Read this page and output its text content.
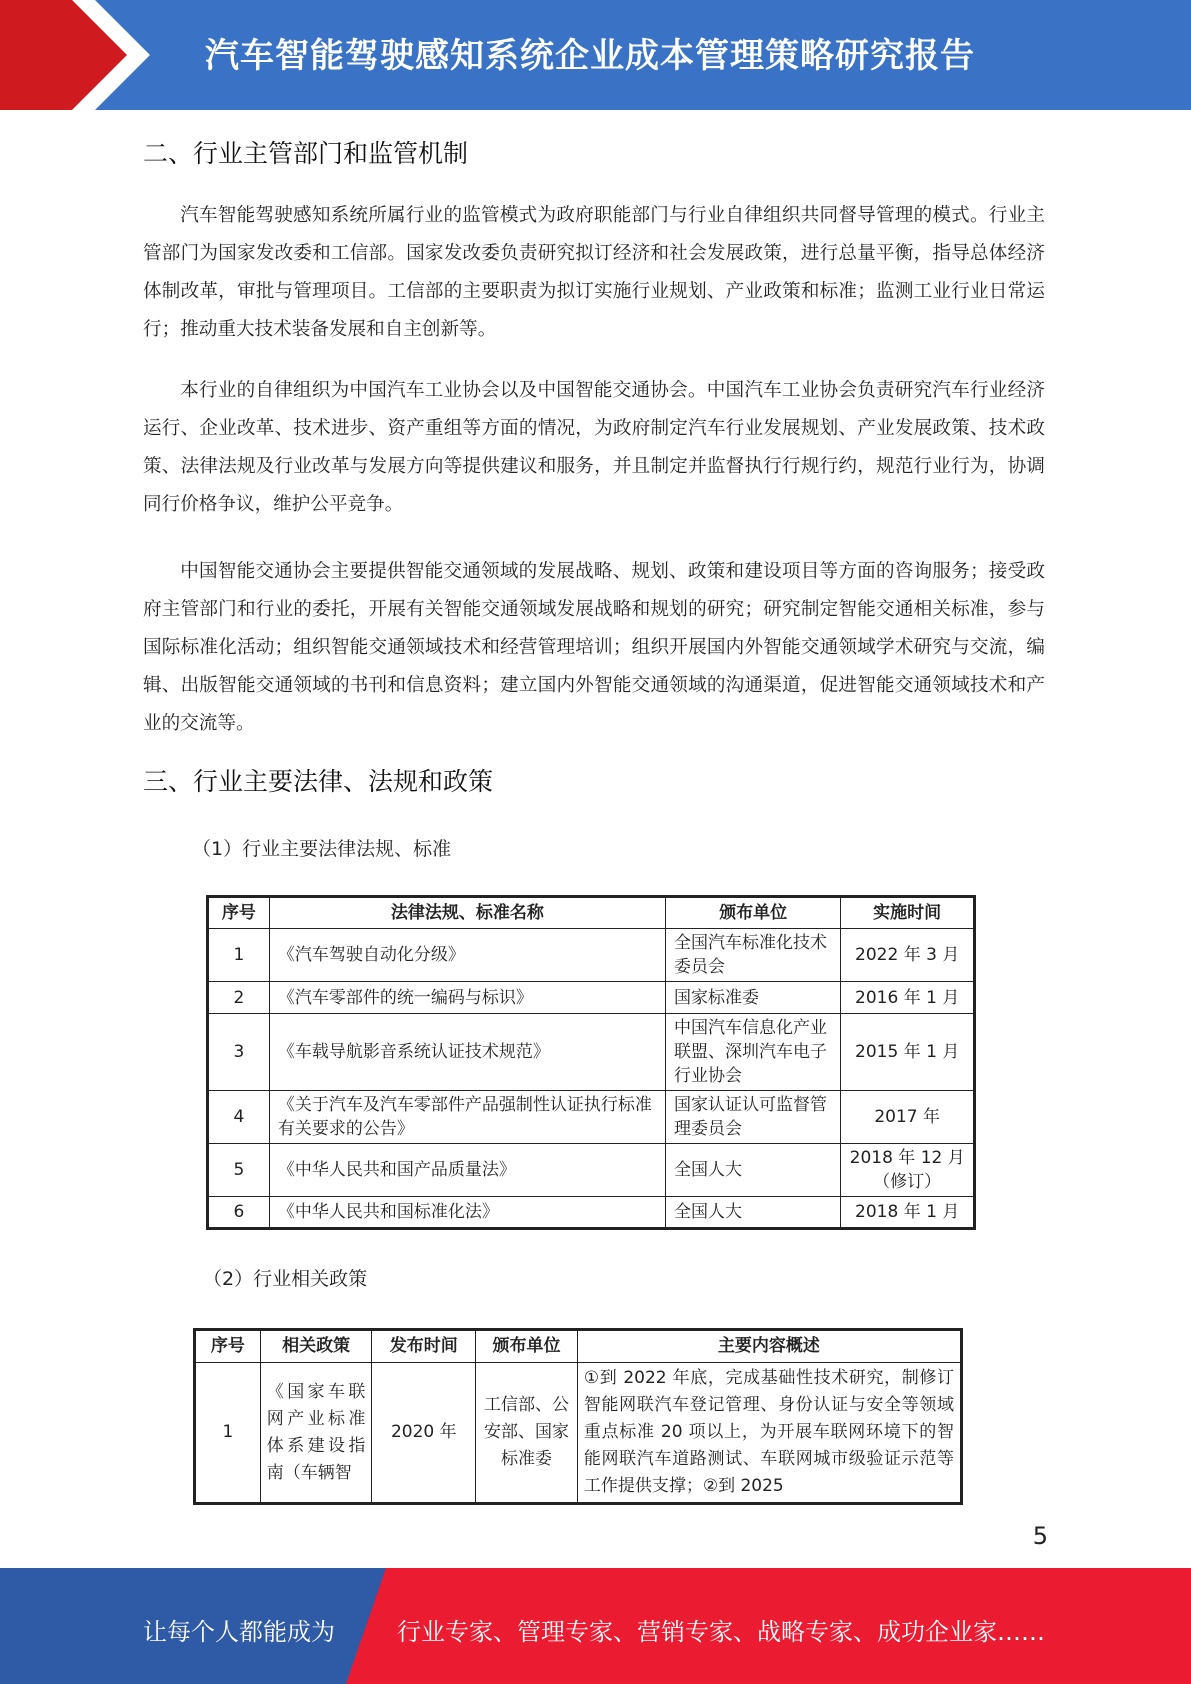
汽车智能驾驶感知系统企业成本管理策略研究报告
二、行业主管部门和监管机制

汽车智能驾驶感知系统所属行业的监管模式为政府职能部门与行业自律组织共同督导管理的模式。行业主管部门为国家发改委和工信部。国家发改委负责研究拟订经济和社会发展政策，进行总量平衡，指导总体经济体制改革，审批与管理项目。工信部的主要职责为拟订实施行业规划、产业政策和标准；监测工业行业日常运行；推动重大技术装备发展和自主创新等。

本行业的自律组织为中国汽车工业协会以及中国智能交通协会。中国汽车工业协会负责研究汽车行业经济运行、企业改革、技术进步、资产重组等方面的情况，为政府制定汽车行业发展规划、产业发展政策、技术政策、法律法规及行业改革与发展方向等提供建议和服务，并且制定并监督执行行规行约，规范行业行为，协调同行价格争议，维护公平竞争。

中国智能交通协会主要提供智能交通领域的发展战略、规划、政策和建设项目等方面的咨询服务；接受政府主管部门和行业的委托，开展有关智能交通领域发展战略和规划的研究；研究制定智能交通相关标准，参与国际标准化活动；组织智能交通领域技术和经营管理培训；组织开展国内外智能交通领域学术研究与交流，编辑、出版智能交通领域的书刊和信息资料；建立国内外智能交通领域的沟通渠道，促进智能交通领域技术和产业的交流等。

三、行业主要法律、法规和政策
（1）行业主要法律法规、标准
序号	法律法规、标准名称	颁布单位	实施时间
1	《汽车驾驶自动化分级》	全国汽车标准化技术委员会	2022 年 3 月
2	《汽车零部件的统一编码与标识》	国家标准委	2016 年 1 月
3	《车载导航影音系统认证技术规范》	中国汽车信息化产业联盟、深圳汽车电子行业协会	2015 年 1 月
4	《关于汽车及汽车零部件产品强制性认证执行标准有关要求的公告》	国家认证认可监督管理委员会	2017 年
5	《中华人民共和国产品质量法》	全国人大	2018 年 12 月（修订）
6	《中华人民共和国标准化法》	全国人大	2018 年 1 月
（2）行业相关政策
序号	相关政策	发布时间	颁布单位	主要内容概述
1	《国家车联网产业标准体系建设指南（车辆智	2020 年	工信部、公安部、国家标准委	①到 2022 年底，完成基础性技术研究，制修订智能网联汽车登记管理、身份认证与安全等领域重点标准 20 项以上，为开展车联网环境下的智能网联汽车道路测试、车联网城市级验证示范等工作提供支撑；②到 2025
5
让每个人都能成为	行业专家、管理专家、营销专家、战略专家、成功企业家……
